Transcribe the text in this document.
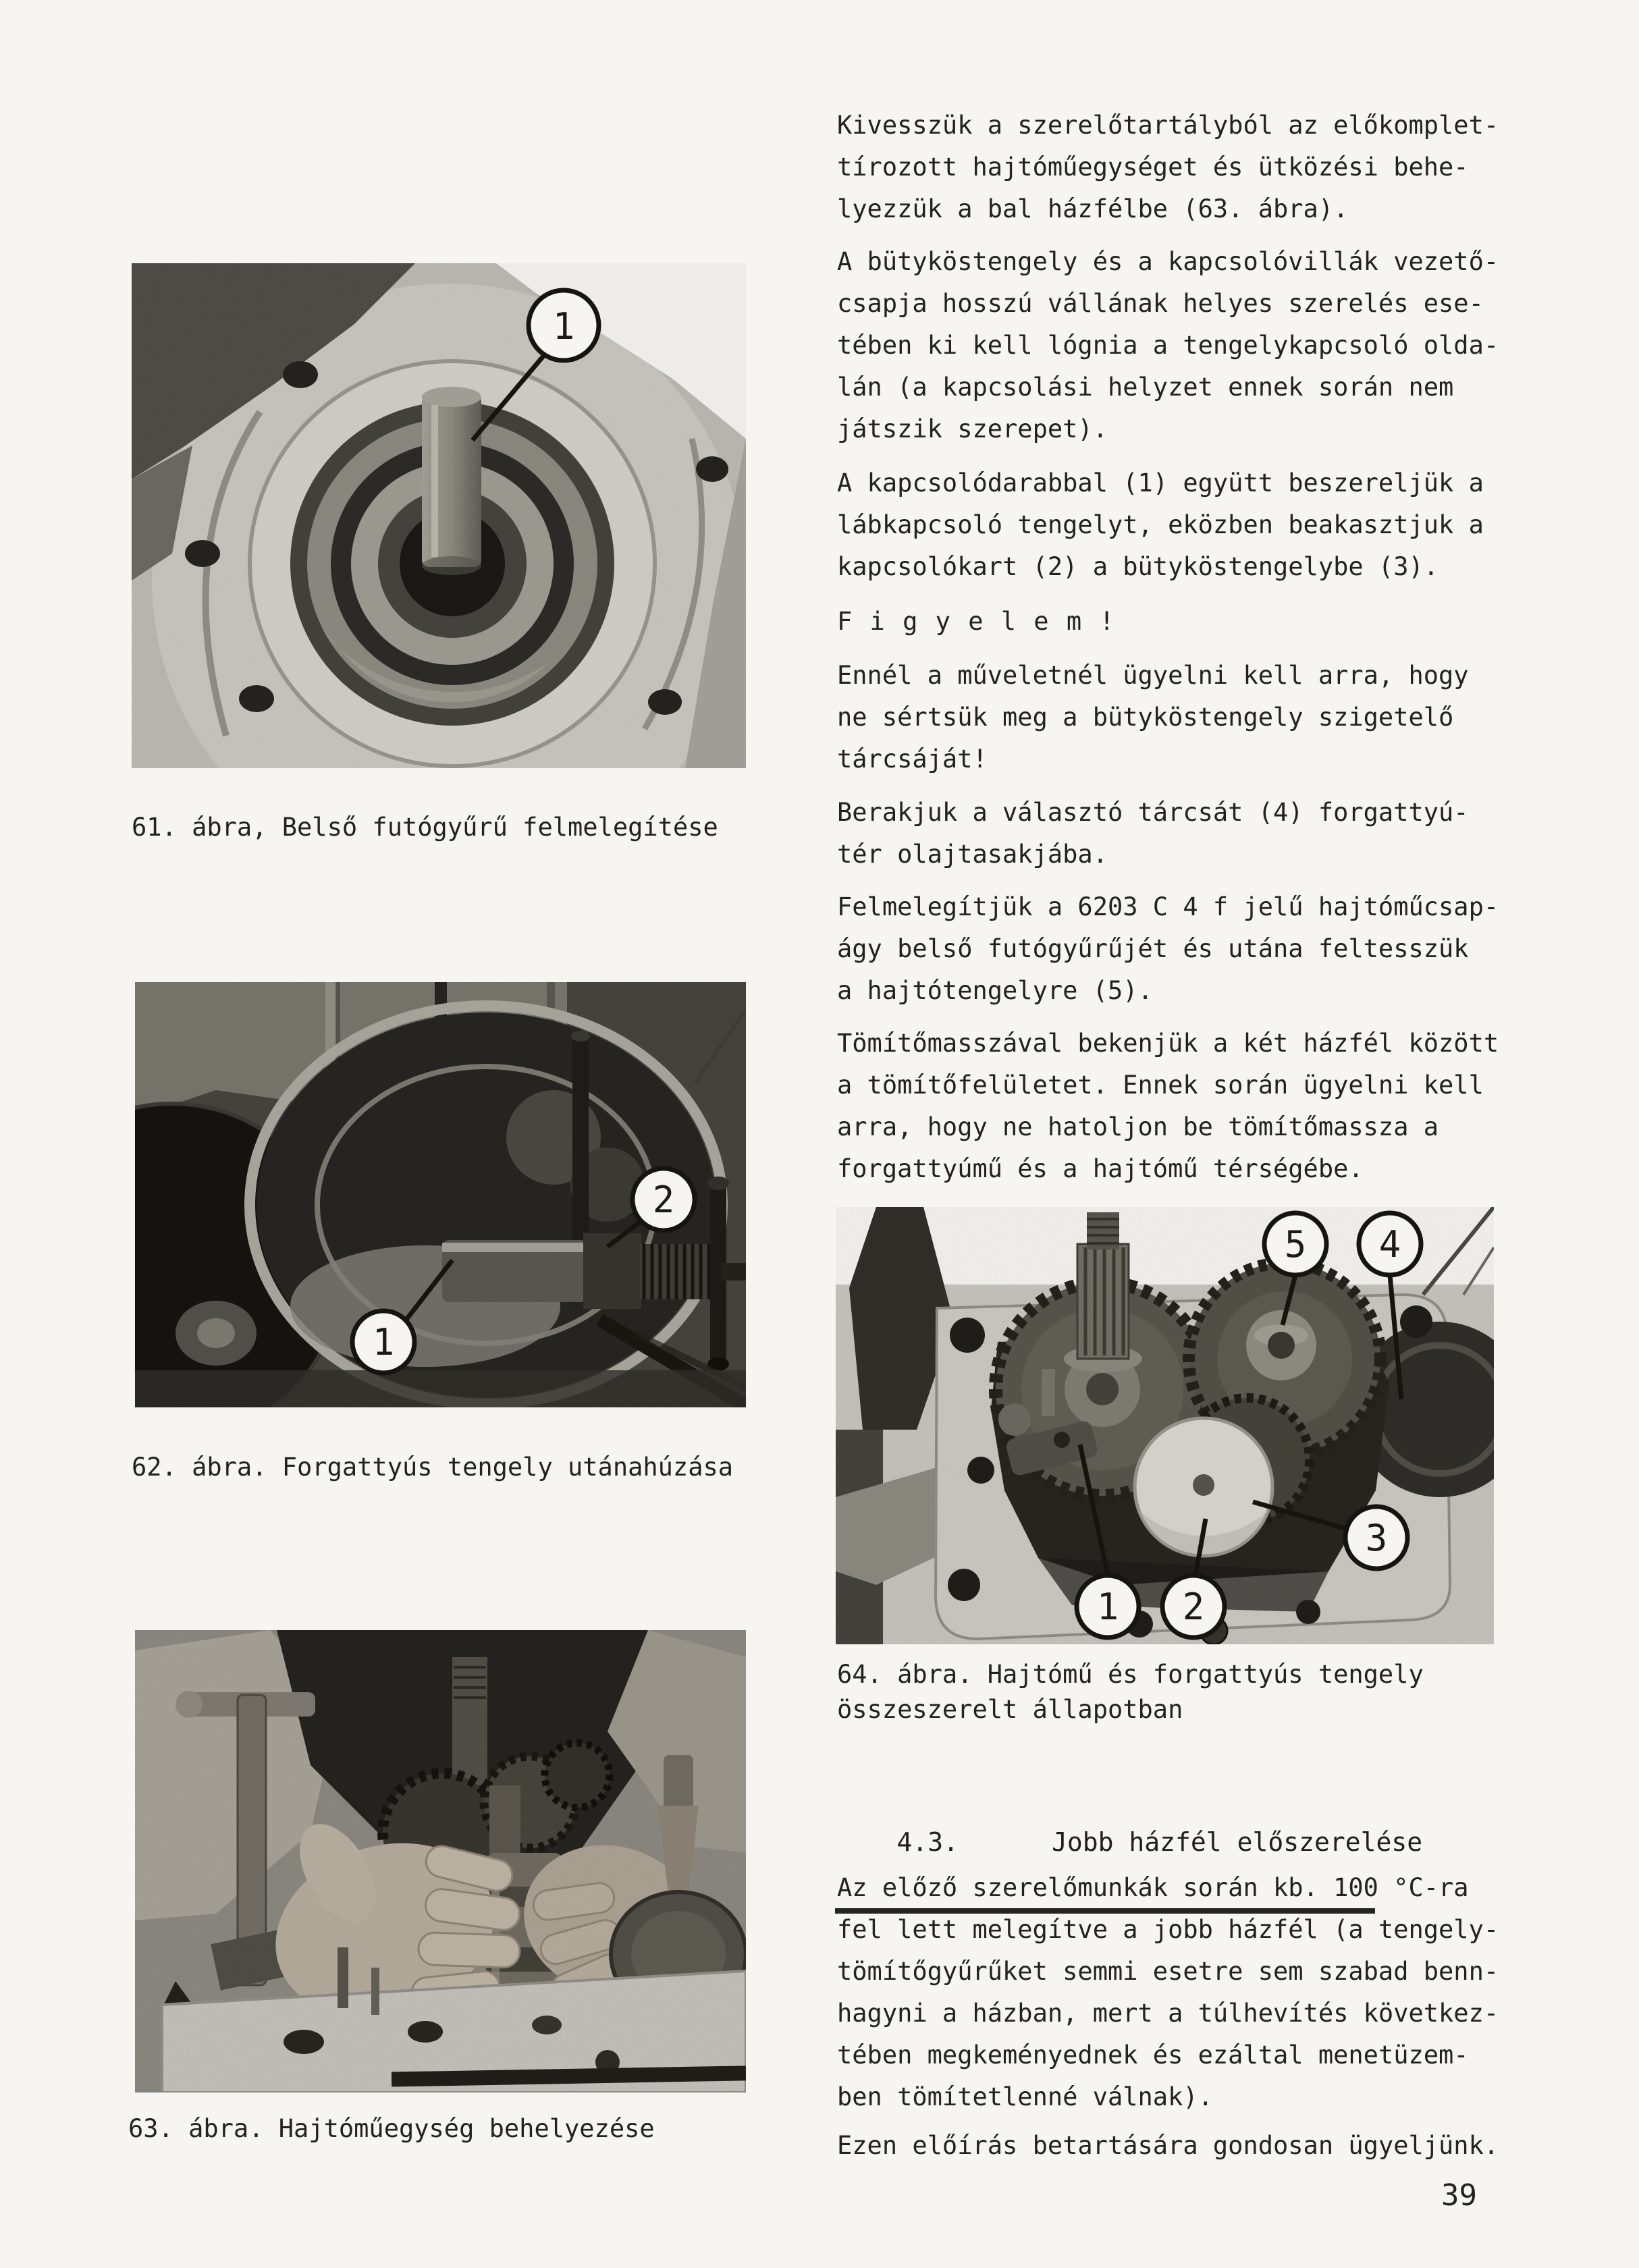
1
61. ábra, Belső futógyűrű felmelegítése
1
2
62. ábra. Forgattyús tengely utánahúzása
63. ábra. Hajtóműegység behelyezése
Kivesszük a szerelőtartályból az előkomplet-
tírozott hajtóműegységet és ütközési behe-
lyezzük a bal házfélbe (63. ábra).
A bütyköstengely és a kapcsolóvillák vezető-
csapja hosszú vállának helyes szerelés ese-
tében ki kell lógnia a tengelykapcsoló olda-
lán (a kapcsolási helyzet ennek során nem
játszik szerepet).
A kapcsolódarabbal (1) együtt beszereljük a
lábkapcsoló tengelyt, eközben beakasztjuk a
kapcsolókart (2) a bütyköstengelybe (3).
F i g y e l e m !
Ennél a műveletnél ügyelni kell arra, hogy
ne sértsük meg a bütyköstengely szigetelő
tárcsáját!
Berakjuk a választó tárcsát (4) forgattyú-
tér olajtasakjába.
Felmelegítjük a 6203 C 4 f jelű hajtóműcsap-
ágy belső futógyűrűjét és utána feltesszük
a hajtótengelyre (5).
Tömítőmasszával bekenjük a két házfél között
a tömítőfelületet. Ennek során ügyelni kell
arra, hogy ne hatoljon be tömítőmassza a
forgattyúmű és a hajtómű térségébe.
5 4
3
1 2
64. ábra. Hajtómű és forgattyús tengely
összeszerelt állapotban

4.3.	Jobb házfél előszerelése

Az előző szerelőmunkák során kb. 100 °C-ra
fel lett melegítve a jobb házfél (a tengely-
tömítőgyűrűket semmi esetre sem szabad benn-
hagyni a házban, mert a túlhevítés következ-
tében megkeményednek és ezáltal menetüzem-
ben tömítetlenné válnak).
Ezen előírás betartására gondosan ügyeljünk.
39
